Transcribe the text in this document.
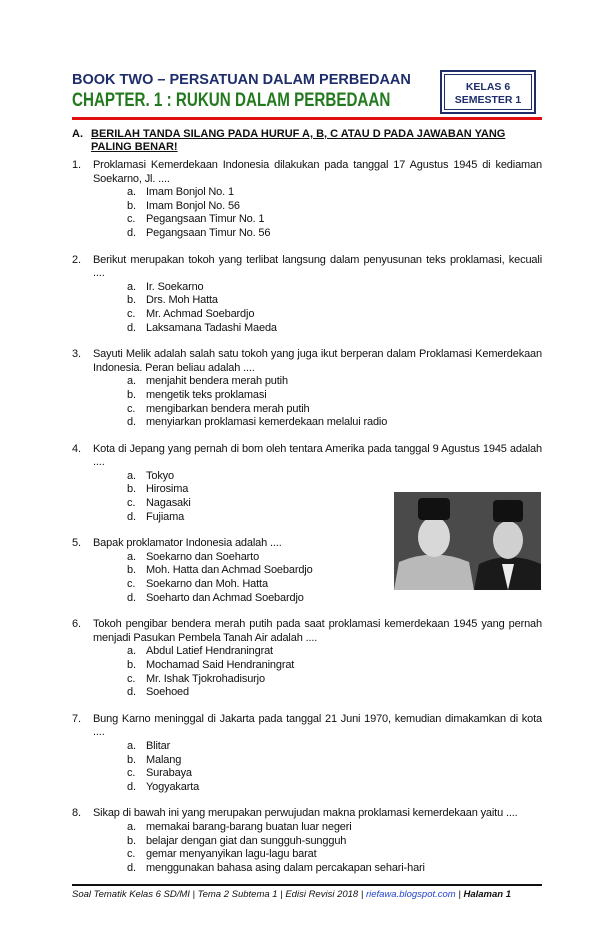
BOOK TWO – PERSATUAN DALAM PERBEDAAN
CHAPTER. 1 : RUKUN DALAM PERBEDAAN
KELAS 6
SEMESTER 1
A. BERILAH TANDA SILANG PADA HURUF A, B, C ATAU D PADA JAWABAN YANG PALING BENAR!
1. Proklamasi Kemerdekaan Indonesia dilakukan pada tanggal 17 Agustus 1945 di kediaman Soekarno, Jl. ....
a. Imam Bonjol No. 1
b. Imam Bonjol No. 56
c. Pegangsaan Timur No. 1
d. Pegangsaan Timur No. 56
2. Berikut merupakan tokoh yang terlibat langsung dalam penyusunan teks proklamasi, kecuali ....
a. Ir. Soekarno
b. Drs. Moh Hatta
c. Mr. Achmad Soebardjo
d. Laksamana Tadashi Maeda
3. Sayuti Melik adalah salah satu tokoh yang juga ikut berperan dalam Proklamasi Kemerdekaan Indonesia. Peran beliau adalah ....
a. menjahit bendera merah putih
b. mengetik teks proklamasi
c. mengibarkan bendera merah putih
d. menyiarkan proklamasi kemerdekaan melalui radio
4. Kota di Jepang yang pernah di bom oleh tentara Amerika pada tanggal 9 Agustus 1945 adalah ....
a. Tokyo
b. Hirosima
c. Nagasaki
d. Fujiama
5. Bapak proklamator Indonesia adalah ....
a. Soekarno dan Soeharto
b. Moh. Hatta dan Achmad Soebardjo
c. Soekarno dan Moh. Hatta
d. Soeharto dan Achmad Soebardjo
6. Tokoh pengibar bendera merah putih pada saat proklamasi kemerdekaan 1945 yang pernah menjadi Pasukan Pembela Tanah Air adalah ....
a. Abdul Latief Hendraningrat
b. Mochamad Said Hendraningrat
c. Mr. Ishak Tjokrohadisurjo
d. Soehoed
7. Bung Karno meninggal di Jakarta pada tanggal 21 Juni 1970, kemudian dimakamkan di kota ....
a. Blitar
b. Malang
c. Surabaya
d. Yogyakarta
8. Sikap di bawah ini yang merupakan perwujudan makna proklamasi kemerdekaan yaitu ....
a. memakai barang-barang buatan luar negeri
b. belajar dengan giat dan sungguh-sungguh
c. gemar menyanyikan lagu-lagu barat
d. menggunakan bahasa asing dalam percakapan sehari-hari
Soal Tematik Kelas 6 SD/MI | Tema 2 Subtema 1 | Edisi Revisi 2018 | riefawa.blogspot.com | Halaman 1
